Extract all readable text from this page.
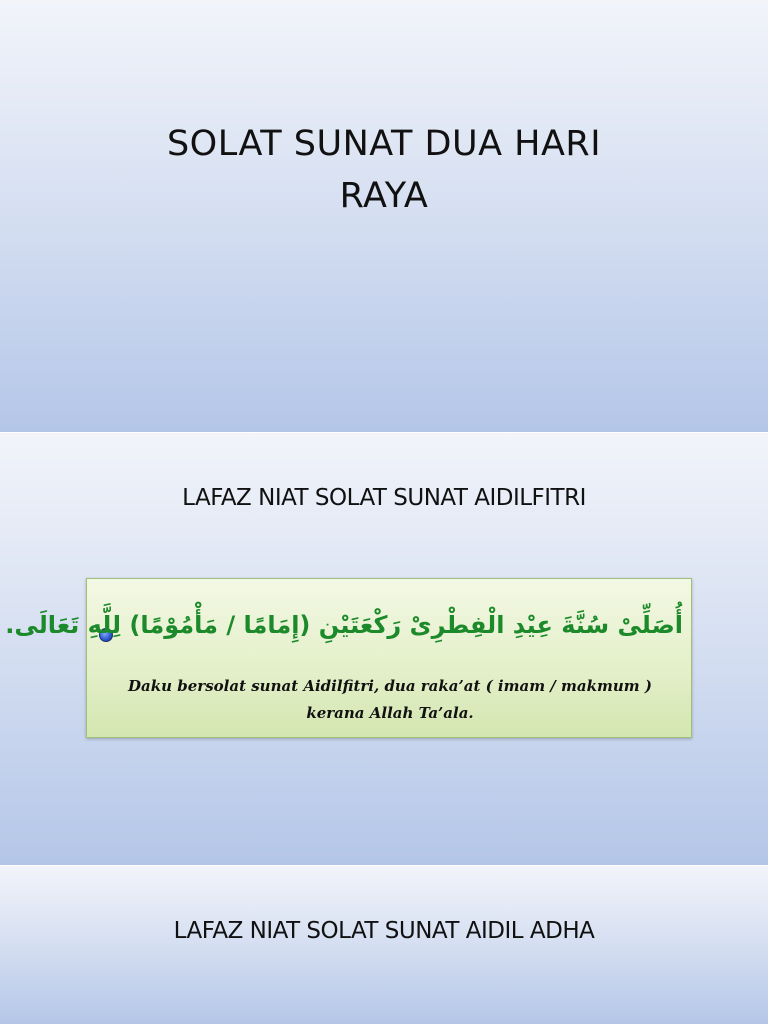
SOLAT SUNAT DUA HARI
RAYA
LAFAZ NIAT SOLAT SUNAT AIDILFITRI
أُصَلِّىْ سُنَّةَ عِيْدِ الْفِطْرِىْ رَكْعَتَيْنِ (إِمَامًا / مَأْمُوْمًا) لِلَّهِ تَعَالَى.
Daku bersolat sunat Aidilfitri, dua raka’at ( imam / makmum )
kerana Allah Ta’ala.
LAFAZ NIAT SOLAT SUNAT AIDIL ADHA
